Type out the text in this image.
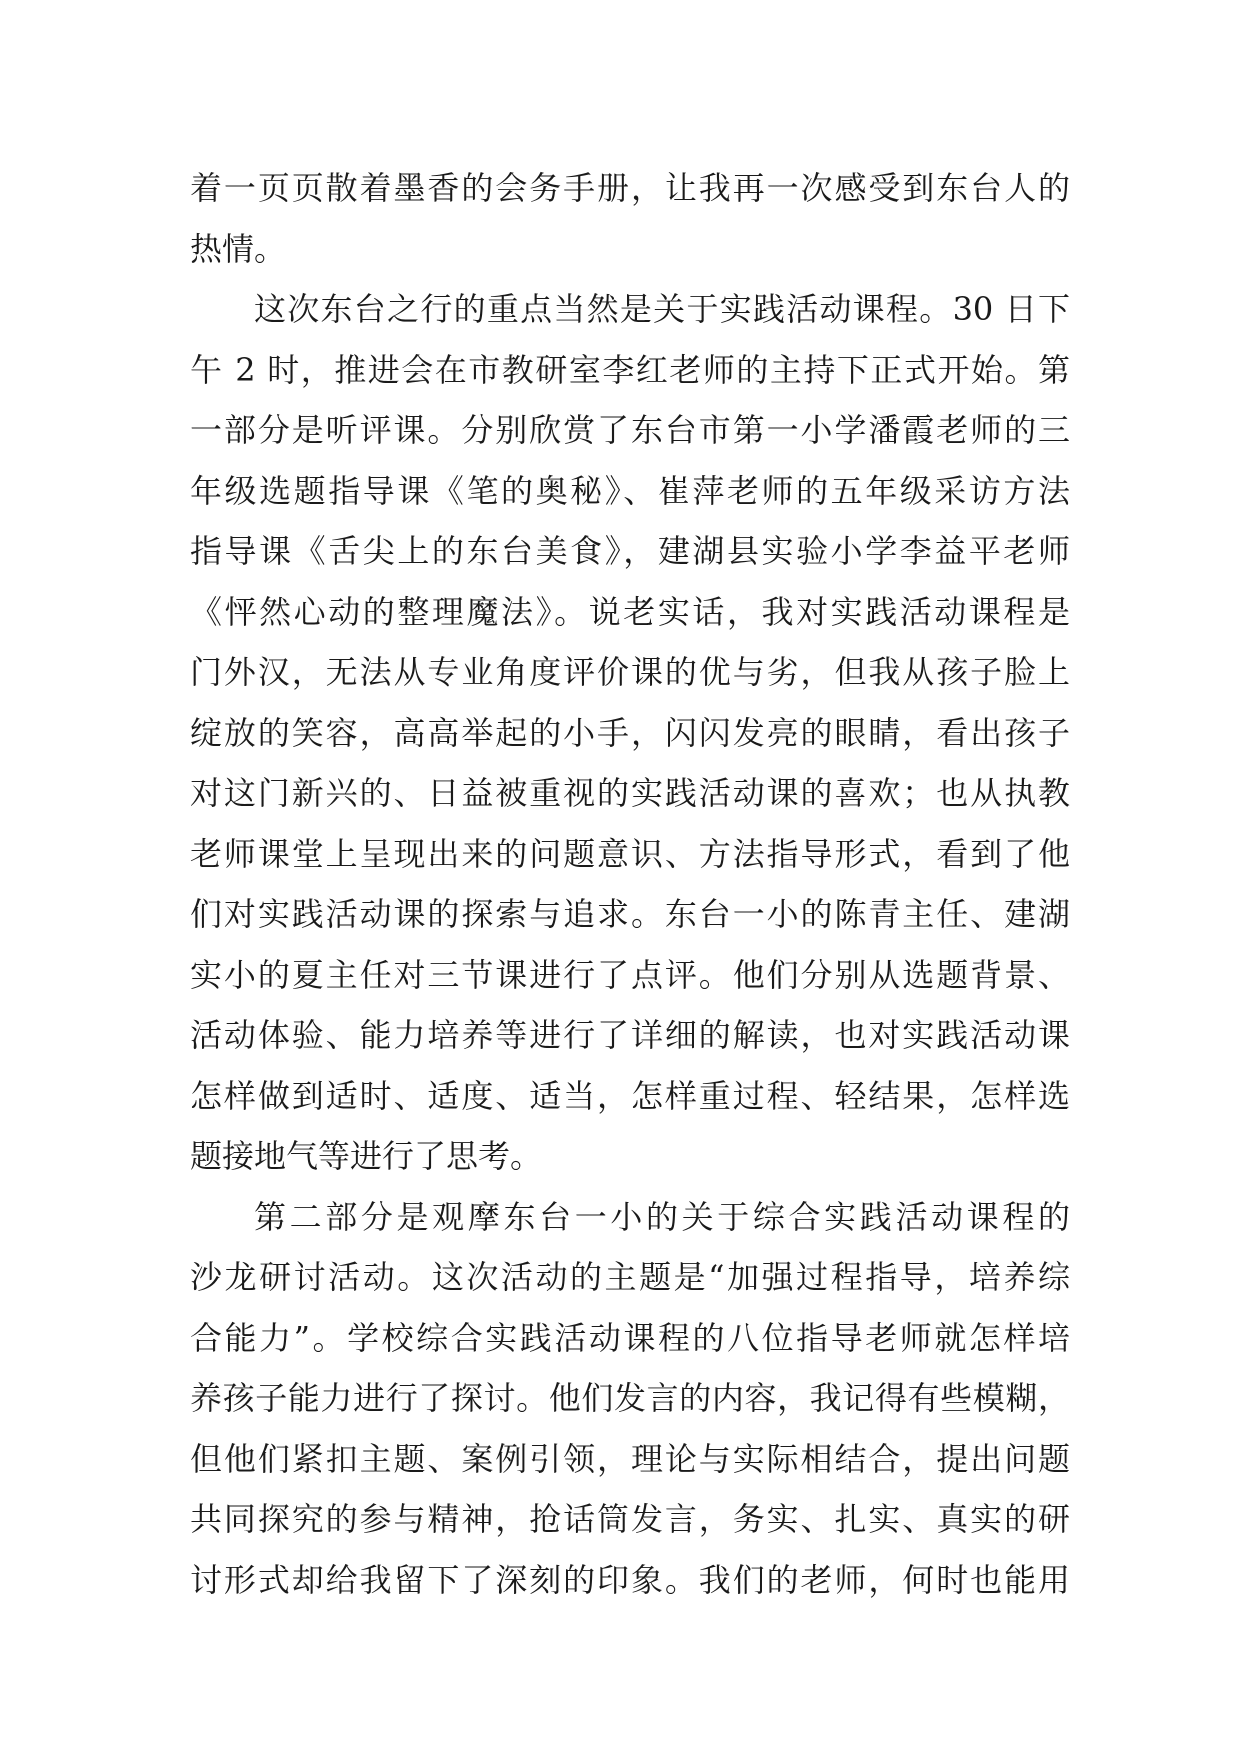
着一页页散着墨香的会务手册，让我再一次感受到东台人的
热情。
这次东台之行的重点当然是关于实践活动课程。30 日下
午 2 时，推进会在市教研室李红老师的主持下正式开始。第
一部分是听评课。分别欣赏了东台市第一小学潘霞老师的三
年级选题指导课《笔的奥秘》、崔萍老师的五年级采访方法
指导课《舌尖上的东台美食》，建湖县实验小学李益平老师
《怦然心动的整理魔法》。说老实话，我对实践活动课程是
门外汉，无法从专业角度评价课的优与劣，但我从孩子脸上
绽放的笑容，高高举起的小手，闪闪发亮的眼睛，看出孩子
对这门新兴的、日益被重视的实践活动课的喜欢；也从执教
老师课堂上呈现出来的问题意识、方法指导形式，看到了他
们对实践活动课的探索与追求。东台一小的陈青主任、建湖
实小的夏主任对三节课进行了点评。他们分别从选题背景、
活动体验、能力培养等进行了详细的解读，也对实践活动课
怎样做到适时、适度、适当，怎样重过程、轻结果，怎样选
题接地气等进行了思考。
第二部分是观摩东台一小的关于综合实践活动课程的
沙龙研讨活动。这次活动的主题是“加强过程指导，培养综
合能力”。学校综合实践活动课程的八位指导老师就怎样培
养孩子能力进行了探讨。他们发言的内容，我记得有些模糊，
但他们紧扣主题、案例引领，理论与实际相结合，提出问题
共同探究的参与精神，抢话筒发言，务实、扎实、真实的研
讨形式却给我留下了深刻的印象。我们的老师，何时也能用
